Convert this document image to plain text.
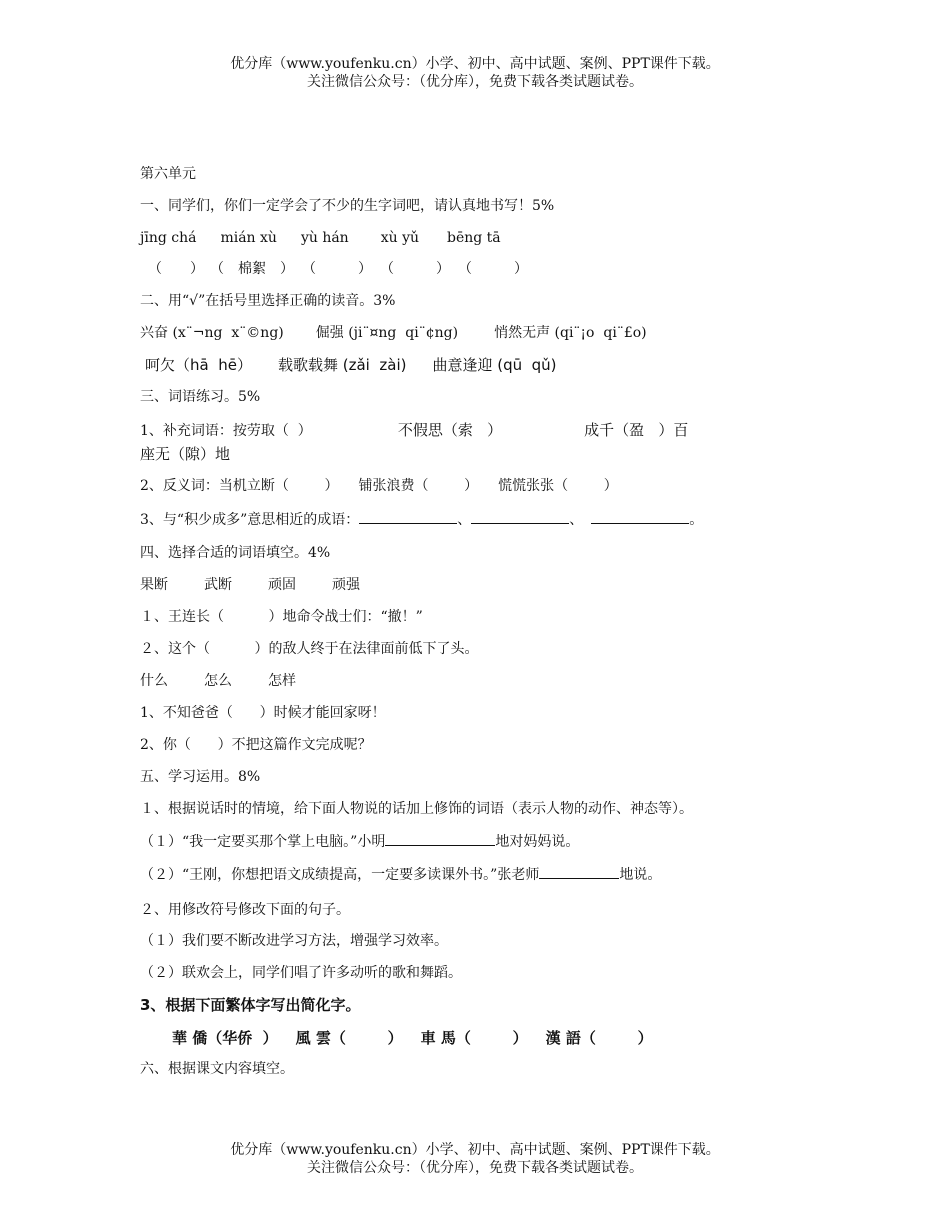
优分库（www.youfenku.cn）小学、初中、高中试题、案例、PPT课件下载。
关注微信公众号：（优分库），免费下载各类试题试卷。
第六单元
一、同学们，你们一定学会了不少的生字词吧，请认真地书写！5%
jīng chá mián xù yù hán xù yǔ bēng tā
（　　） （　棉絮　） （　　　） （　　　） （　　　）
二、用“√”在括号里选择正确的读音。3%
兴奋 (x¨¬ng  x¨©ng) 倔强 (ji¨¤ng  qi¨¢ng)	悄然无声 (qi¨¡o  qi¨£o)
呵欠（hā  hē） 载歌载舞 (zǎi  zài) 曲意逢迎 (qū  qǔ)
三、词语练习。5%
1、补充词语：按劳取（  ）	不假思（索   ）	成千（盈   ）百
座无（隙）地
2、反义词：当机立断（        ） 铺张浪费（        ） 慌慌张张（        ）
3、与“积少成多”意思相近的成语：	、	、	。
四、选择合适的词语填空。4%
果断	武断	顽固	顽强
１、王连长（          ）地命令战士们：“撤！”
２、这个（          ）的敌人终于在法律面前低下了头。
什么	怎么	怎样
1、不知爸爸（      ）时候才能回家呀！
2、你（      ）不把这篇作文完成呢？
五、学习运用。8%
１、根据说话时的情境，给下面人物说的话加上修饰的词语（表示人物的动作、神态等）。
（１）“我一定要买那个掌上电脑。”小明	地对妈妈说。
（２）“王刚，你想把语文成绩提高，一定要多读课外书。”张老师	地说。
２、用修改符号修改下面的句子。
（１）我们要不断改进学习方法，增强学习效率。
（２）联欢会上，同学们唱了许多动听的歌和舞蹈。
3、根据下面繁体字写出简化字。
華 僑（华侨  ） 風 雲（        ） 車 馬（        ） 漢 語（        ）
六、根据课文内容填空。
优分库（www.youfenku.cn）小学、初中、高中试题、案例、PPT课件下载。
关注微信公众号：（优分库），免费下载各类试题试卷。
